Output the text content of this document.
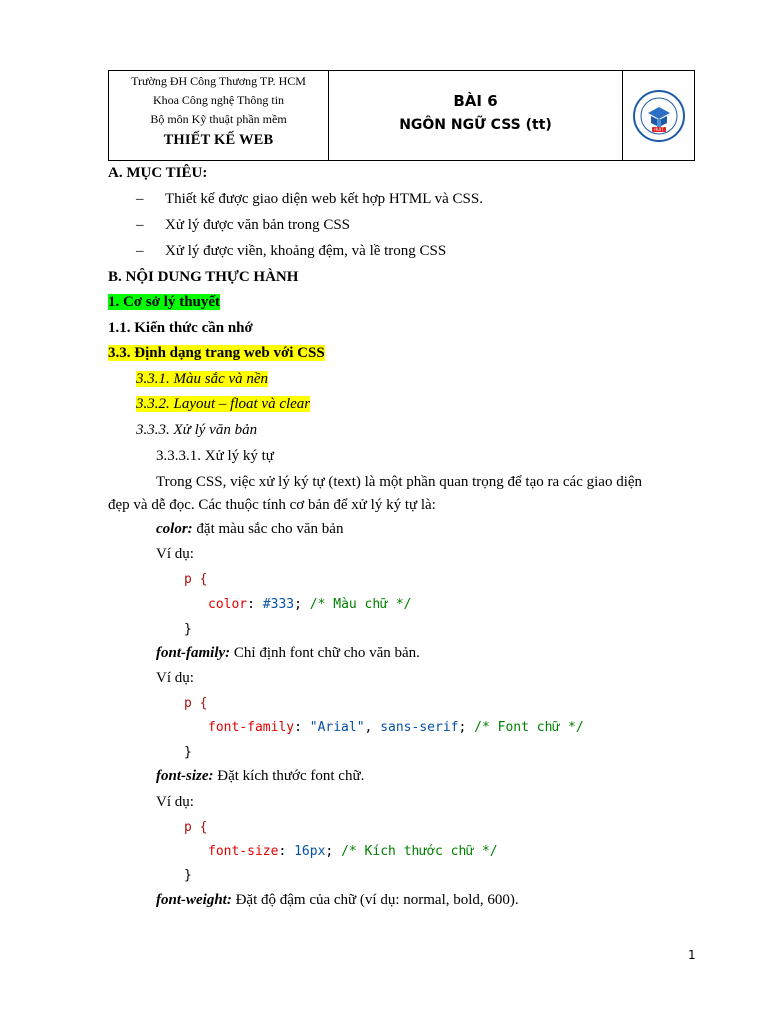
Trường ĐH Công Thương TP. HCM
Khoa Công nghệ Thông tin
Bộ môn Kỹ thuật phần mềm
THIẾT KẾ WEB
BÀI 6
NGÔN NGỮ CSS (tt)	HUIT
A. MỤC TIÊU:
– Thiết kế được giao diện web kết hợp HTML và CSS.
– Xử lý được văn bản trong CSS
– Xử lý được viền, khoảng đệm, và lề trong CSS
B. NỘI DUNG THỰC HÀNH
1. Cơ sở lý thuyết
1.1. Kiến thức cần nhớ
3.3. Định dạng trang web với CSS
3.3.1. Màu sắc và nền
3.3.2. Layout – float và clear
3.3.3. Xử lý văn bản
3.3.3.1. Xử lý ký tự
Trong CSS, việc xử lý ký tự (text) là một phần quan trọng để tạo ra các giao diện
đẹp và dễ đọc. Các thuộc tính cơ bản để xử lý ký tự là:
color: đặt màu sắc cho văn bản
Ví dụ:
p {
color: #333; /* Màu chữ */
}
font-family: Chỉ định font chữ cho văn bản.
Ví dụ:
p {
font-family: "Arial", sans-serif; /* Font chữ */
}
font-size: Đặt kích thước font chữ.
Ví dụ:
p {
font-size: 16px; /* Kích thước chữ */
}
font-weight: Đặt độ đậm của chữ (ví dụ: normal, bold, 600).
1
